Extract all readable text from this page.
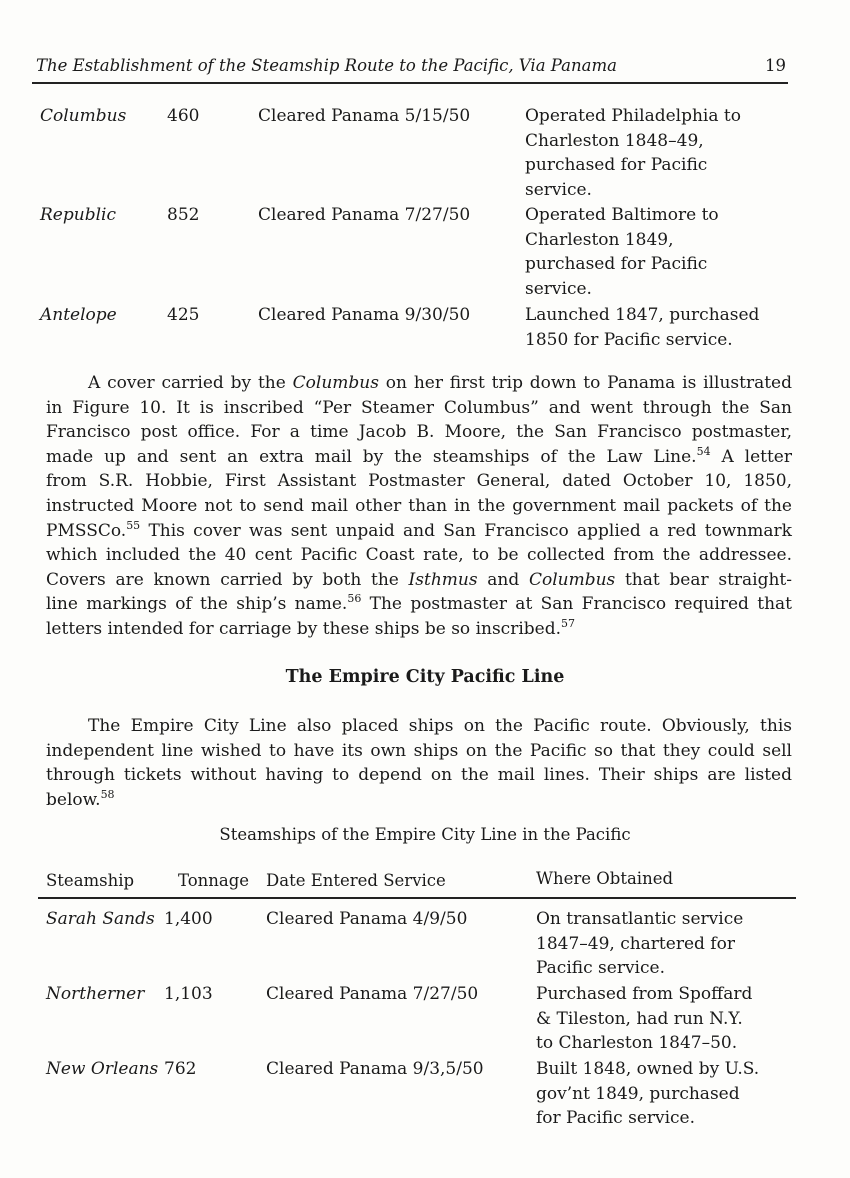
The Establishment of the Steamship Route to the Pacific, Via Panama	19
Columbus	460	Cleared Panama 5/15/50	Operated Philadelphia to
Charleston 1848–49,
purchased for Pacific
service.
Republic	852	Cleared Panama 7/27/50	Operated Baltimore to
Charleston 1849,
purchased for Pacific
service.
Antelope	425	Cleared Panama 9/30/50	Launched 1847, purchased
1850 for Pacific service.
A cover carried by the Columbus on her first trip down to Panama is illustrated
in Figure 10. It is inscribed “Per Steamer Columbus” and went through the San
Francisco post office. For a time Jacob B. Moore, the San Francisco postmaster,
made up and sent an extra mail by the steamships of the Law Line.$^{54}$ A letter
from S.R. Hobbie, First Assistant Postmaster General, dated October 10, 1850,
instructed Moore not to send mail other than in the government mail packets of the
PMSSCo.$^{55}$ This cover was sent unpaid and San Francisco applied a red townmark
which included the 40 cent Pacific Coast rate, to be collected from the addressee.
Covers are known carried by both the Isthmus and Columbus that bear straight-
line markings of the ship’s name.$^{56}$ The postmaster at San Francisco required that
letters intended for carriage by these ships be so inscribed.$^{57}$
The Empire City Pacific Line
The Empire City Line also placed ships on the Pacific route. Obviously, this
independent line wished to have its own ships on the Pacific so that they could sell
through tickets without having to depend on the mail lines. Their ships are listed
below.$^{58}$
Steamships of the Empire City Line in the Pacific
Steamship	Tonnage Date Entered Service	Where Obtained
Sarah Sands 1,400	Cleared Panama 4/9/50	On transatlantic service
1847–49, chartered for
Pacific service.
Northerner 1,103	Cleared Panama 7/27/50	Purchased from Spoffard
& Tileston, had run N.Y.
to Charleston 1847–50.
New Orleans 762	Cleared Panama 9/3,5/50	Built 1848, owned by U.S.
gov’nt 1849, purchased
for Pacific service.
